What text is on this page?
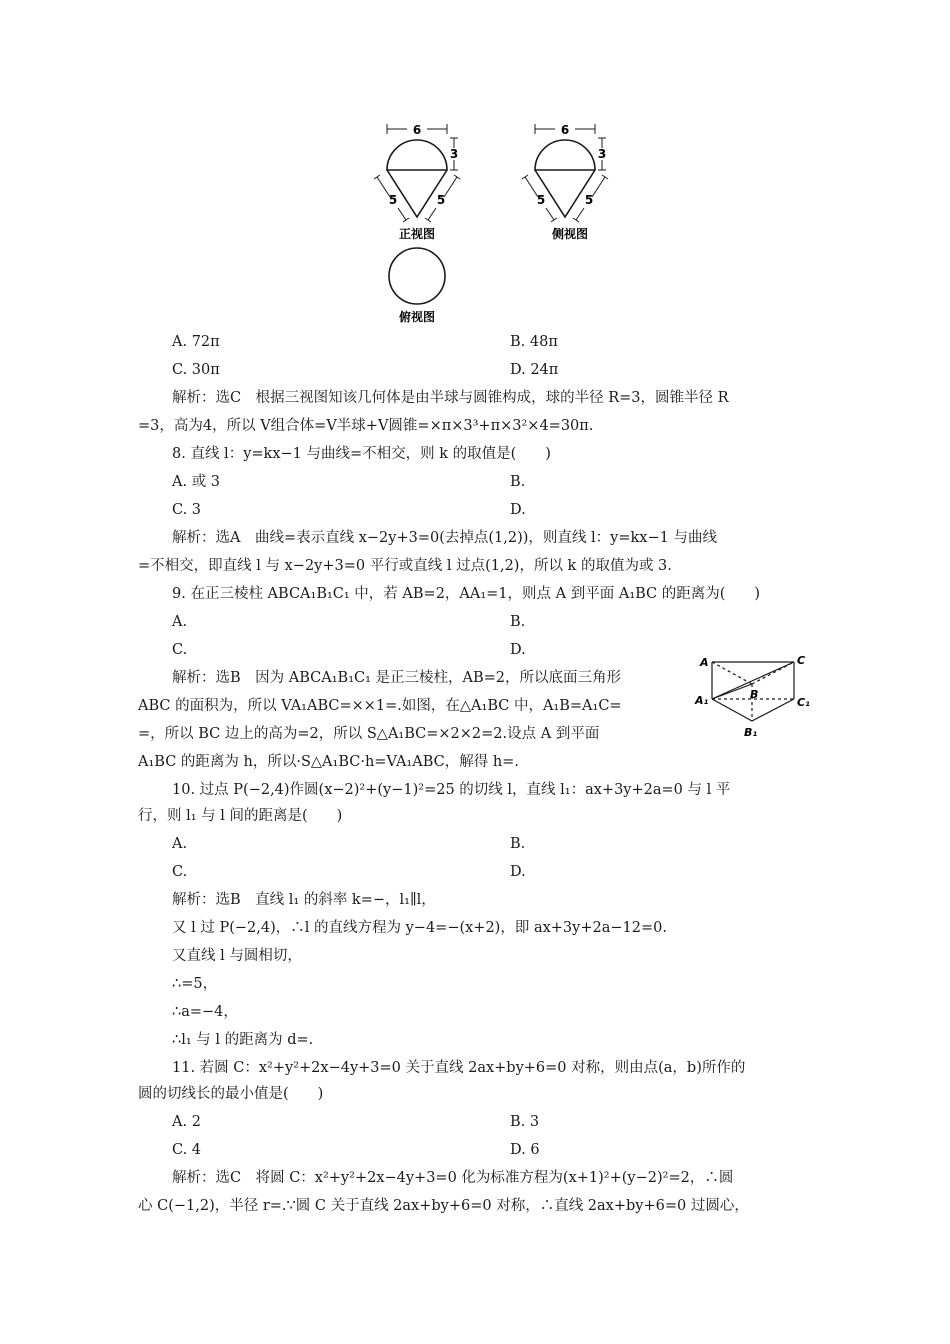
6
3
5	5
正视图
6
3
5	5
侧视图
俯视图
A. 72π	B. 48π
C. 30π	D. 24π
解析：选C　根据三视图知该几何体是由半球与圆锥构成，球的半径 R=3，圆锥半径 R
=3，高为4，所以 V组合体=V半球+V圆锥=×π×3³+π×3²×4=30π.
8. 直线 l：y=kx−1 与曲线=不相交，则 k 的取值是(　　)
A. 或 3	B.
C. 3	D.
解析：选A　曲线=表示直线 x−2y+3=0(去掉点(1,2))，则直线 l：y=kx−1 与曲线
=不相交，即直线 l 与 x−2y+3=0 平行或直线 l 过点(1,2)，所以 k 的取值为或 3.
9. 在正三棱柱 ABCA₁B₁C₁ 中，若 AB=2，AA₁=1，则点 A 到平面 A₁BC 的距离为(　　)
A.	B.
C.	D.
解析：选B　因为 ABCA₁B₁C₁ 是正三棱柱，AB=2，所以底面三角形
ABC 的面积为，所以 VA₁ABC=××1=.如图，在△A₁BC 中，A₁B=A₁C=
=，所以 BC 边上的高为=2，所以 S△A₁BC=×2×2=2.设点 A 到平面
A₁BC 的距离为 h，所以·S△A₁BC·h=VA₁ABC，解得 h=.
A	C
B
A₁	C₁
B₁
10. 过点 P(−2,4)作圆(x−2)²+(y−1)²=25 的切线 l，直线 l₁：ax+3y+2a=0 与 l 平
行，则 l₁ 与 l 间的距离是(　　)
A.	B.
C.	D.
解析：选B　直线 l₁ 的斜率 k=−，l₁∥l，
又 l 过 P(−2,4)，∴l 的直线方程为 y−4=−(x+2)，即 ax+3y+2a−12=0.
又直线 l 与圆相切，
∴=5，
∴a=−4，
∴l₁ 与 l 的距离为 d=.
11. 若圆 C：x²+y²+2x−4y+3=0 关于直线 2ax+by+6=0 对称，则由点(a，b)所作的
圆的切线长的最小值是(　　)
A. 2	B. 3
C. 4	D. 6
解析：选C　将圆 C：x²+y²+2x−4y+3=0 化为标准方程为(x+1)²+(y−2)²=2，∴圆
心 C(−1,2)，半径 r=.∵圆 C 关于直线 2ax+by+6=0 对称，∴直线 2ax+by+6=0 过圆心，
